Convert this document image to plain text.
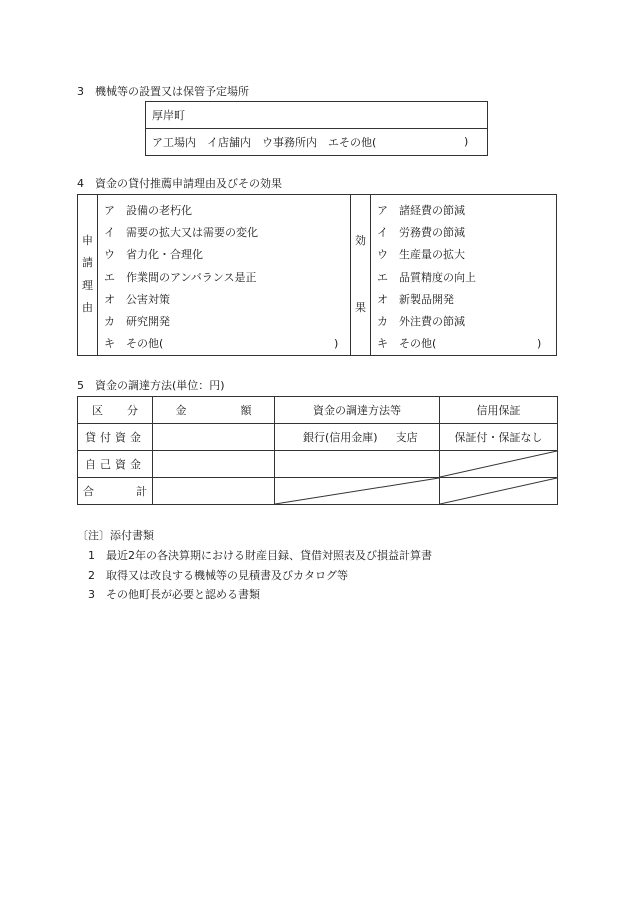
3 機械等の設置又は保管予定場所
厚岸町
ア工場内　イ店舗内　ウ事務所内　エその他(	)
4 資金の貸付推薦申請理由及びその効果
申
請
理
由
ア 設備の老朽化
イ 需要の拡大又は需要の変化
ウ 省力化・合理化
エ 作業間のアンバランス是正
オ 公害対策
カ 研究開発
キ その他(	)
効
果
ア 諸経費の節減
イ 労務費の節減
ウ 生産量の拡大
エ 品質精度の向上
オ 新製品開発
カ 外注費の節減
キ その他(	)
5 資金の調達方法(単位：円)
区 分	金 額	資金の調達方法等	信用保証
貸付資金		銀行(信用金庫) 支店	保証付・保証なし
自己資金			

合 計		

〔注〕添付書類
1 最近2年の各決算期における財産目録、貸借対照表及び損益計算書
2 取得又は改良する機械等の見積書及びカタログ等
3 その他町長が必要と認める書類
